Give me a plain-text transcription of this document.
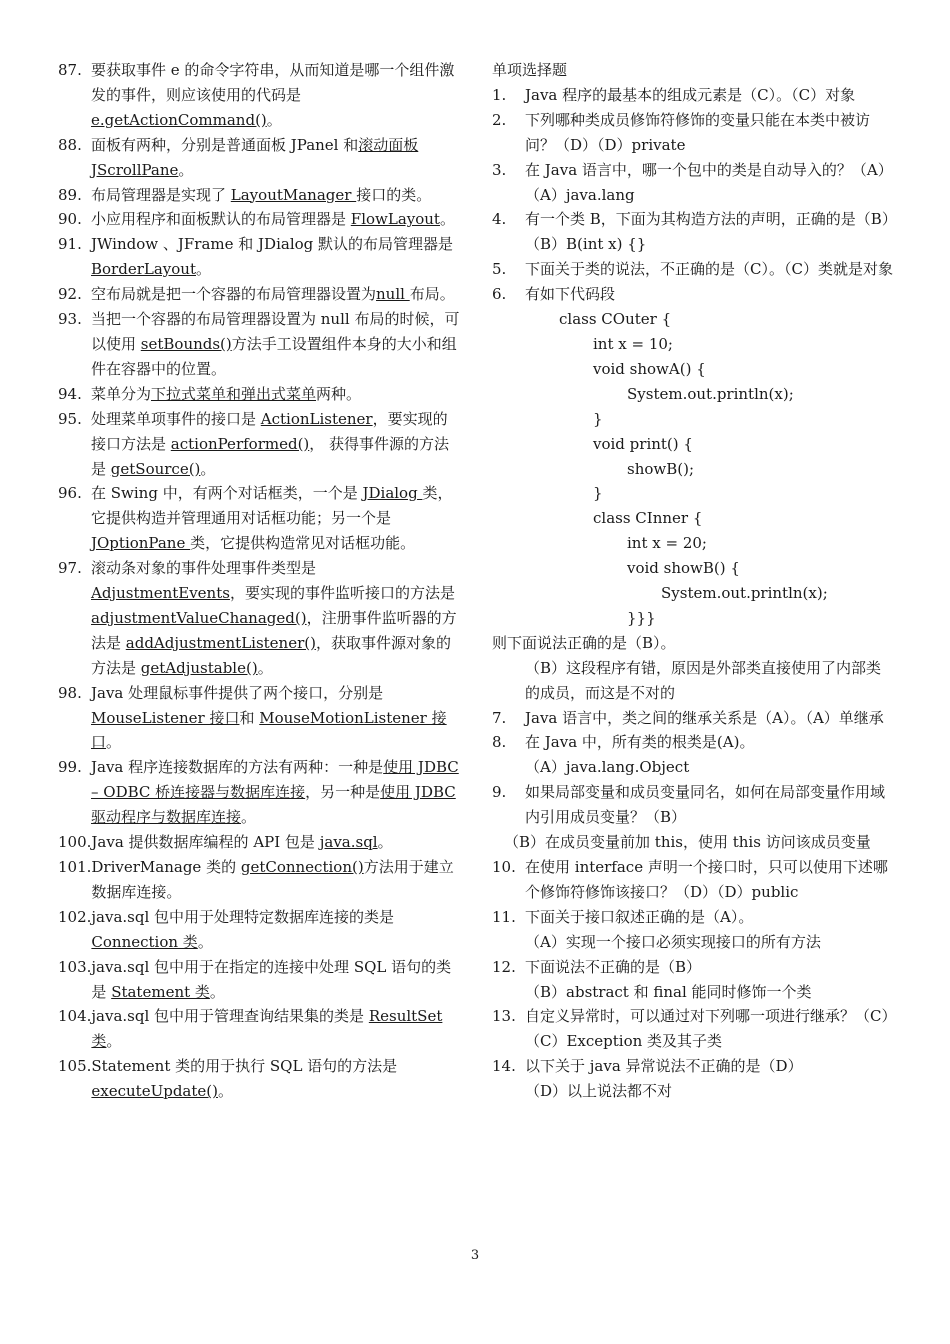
87. 要获取事件 e 的命令字符串，从而知道是哪一个组件激发的事件，则应该使用的代码是 e.getActionCommand()。
88. 面板有两种，分别是普通面板 JPanel 和滚动面板 JScrollPane。
89. 布局管理器是实现了 LayoutManager 接口的类。
90. 小应用程序和面板默认的布局管理器是 FlowLayout。
91. JWindow 、JFrame 和 JDialog 默认的布局管理器是 BorderLayout。
92. 空布局就是把一个容器的布局管理器设置为null 布局。
93. 当把一个容器的布局管理器设置为 null 布局的时候，可以使用 setBounds()方法手工设置组件本身的大小和组件在容器中的位置。
94. 菜单分为下拉式菜单和弹出式菜单两种。
95. 处理菜单项事件的接口是 ActionListener，要实现的接口方法是 actionPerformed()， 获得事件源的方法是 getSource()。
96. 在 Swing 中，有两个对话框类，一个是 JDialog 类，它提供构造并管理通用对话框功能；另一个是 JOptionPane 类，它提供构造常见对话框功能。
97. 滚动条对象的事件处理事件类型是 AdjustmentEvents，要实现的事件监听接口的方法是 adjustmentValueChanaged()，注册事件监听器的方法是 addAdjustmentListener()，获取事件源对象的方法是 getAdjustable()。
98. Java 处理鼠标事件提供了两个接口，分别是 MouseListener 接口和 MouseMotionListener 接口。
99. Java 程序连接数据库的方法有两种：一种是使用 JDBC – ODBC 桥连接器与数据库连接，另一种是使用 JDBC 驱动程序与数据库连接。
100. Java 提供数据库编程的 API 包是 java.sql。
101. DriverManage 类的 getConnection()方法用于建立数据库连接。
102. java.sql 包中用于处理特定数据库连接的类是 Connection 类。
103. java.sql 包中用于在指定的连接中处理 SQL 语句的类是 Statement 类。
104. java.sql 包中用于管理查询结果集的类是 ResultSet 类。
105. Statement 类的用于执行 SQL 语句的方法是 executeUpdate()。
单项选择题
1.	Java 程序的最基本的组成元素是（C）。（C）对象
2.	下列哪种类成员修饰符修饰的变量只能在本类中被访问？（D）（D）private
3.	在 Java 语言中，哪一个包中的类是自动导入的？（A）（A）java.lang
4.	有一个类 B，下面为其构造方法的声明，正确的是（B）（B）B(int x) {}
5.	下面关于类的说法，不正确的是（C）。（C）类就是对象
6.	有如下代码段
class COuter {
int x = 10;
void showA() {
System.out.println(x);
}
void print() {
showB();
}
class CInner {
int x = 20;
void showB() {
System.out.println(x);
}}}
则下面说法正确的是（B）。
（B）这段程序有错，原因是外部类直接使用了内部类的成员，而这是不对的
7.	Java 语言中，类之间的继承关系是（A）。（A）单继承
8.	在 Java 中，所有类的根类是(A)。
（A）java.lang.Object
9.	如果局部变量和成员变量同名，如何在局部变量作用域内引用成员变量？（B）
（B）在成员变量前加 this，使用 this 访问该成员变量
10. 在使用 interface 声明一个接口时，只可以使用下述哪个修饰符修饰该接口？（D）（D）public
11. 下面关于接口叙述正确的是（A）。
（A）实现一个接口必须实现接口的所有方法
12. 下面说法不正确的是（B）
（B）abstract 和 final 能同时修饰一个类
13. 自定义异常时，可以通过对下列哪一项进行继承？（C）（C）Exception 类及其子类
14. 以下关于 java 异常说法不正确的是（D）
（D）以上说法都不对
3
